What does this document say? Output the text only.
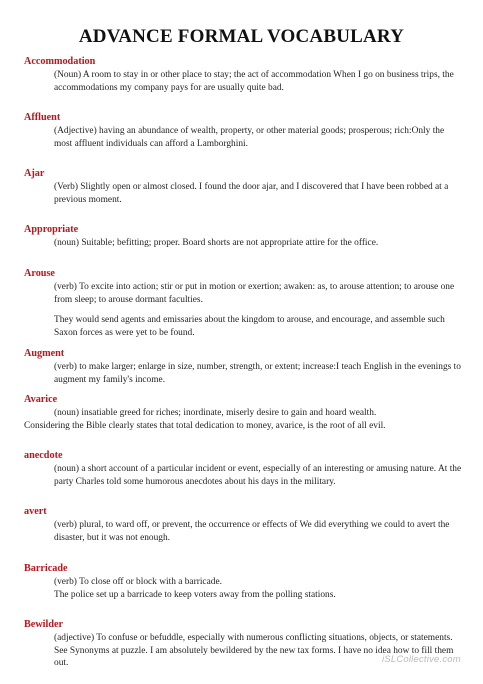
ADVANCE FORMAL VOCABULARY
Accommodation
(Noun) A room to stay in or other place to stay; the act of accommodation When I go on business trips, the accommodations my company pays for are usually quite bad.
Affluent
(Adjective) having an abundance of wealth, property, or other material goods; prosperous; rich:Only the most affluent individuals can afford a Lamborghini.
Ajar
(Verb) Slightly open or almost closed. I found the door ajar, and I discovered that I have been robbed at a previous moment.
Appropriate
(noun) Suitable; befitting; proper. Board shorts are not appropriate attire for the office.
Arouse

(verb) To excite into action; stir or put in motion or exertion; awaken: as, to arouse attention; to arouse one from sleep; to arouse dormant faculties.

They would send agents and emissaries about the kingdom to arouse, and encourage, and assemble such Saxon forces as were yet to be found.

Augment
(verb) to make larger; enlarge in size, number, strength, or extent; increase:I teach English in the evenings to augment my family's income.
Avarice
(noun) insatiable greed for riches; inordinate, miserly desire to gain and hoard wealth.
Considering the Bible clearly states that total dedication to money, avarice, is the root of all evil.
anecdote
(noun) a short account of a particular incident or event, especially of an interesting or amusing nature. At the party Charles told some humorous anecdotes about his days in the military.
avert
(verb) plural, to ward off, or prevent, the occurrence or effects of We did everything we could to avert the disaster, but it was not enough.
Barricade
(verb) To close off or block with a barricade.
The police set up a barricade to keep voters away from the polling stations.
Bewilder
(adjective) To confuse or befuddle, especially with numerous conflicting situations, objects, or statements. See Synonyms at puzzle. I am absolutely bewildered by the new tax forms. I have no idea how to fill them out.	iSLCollective.com
